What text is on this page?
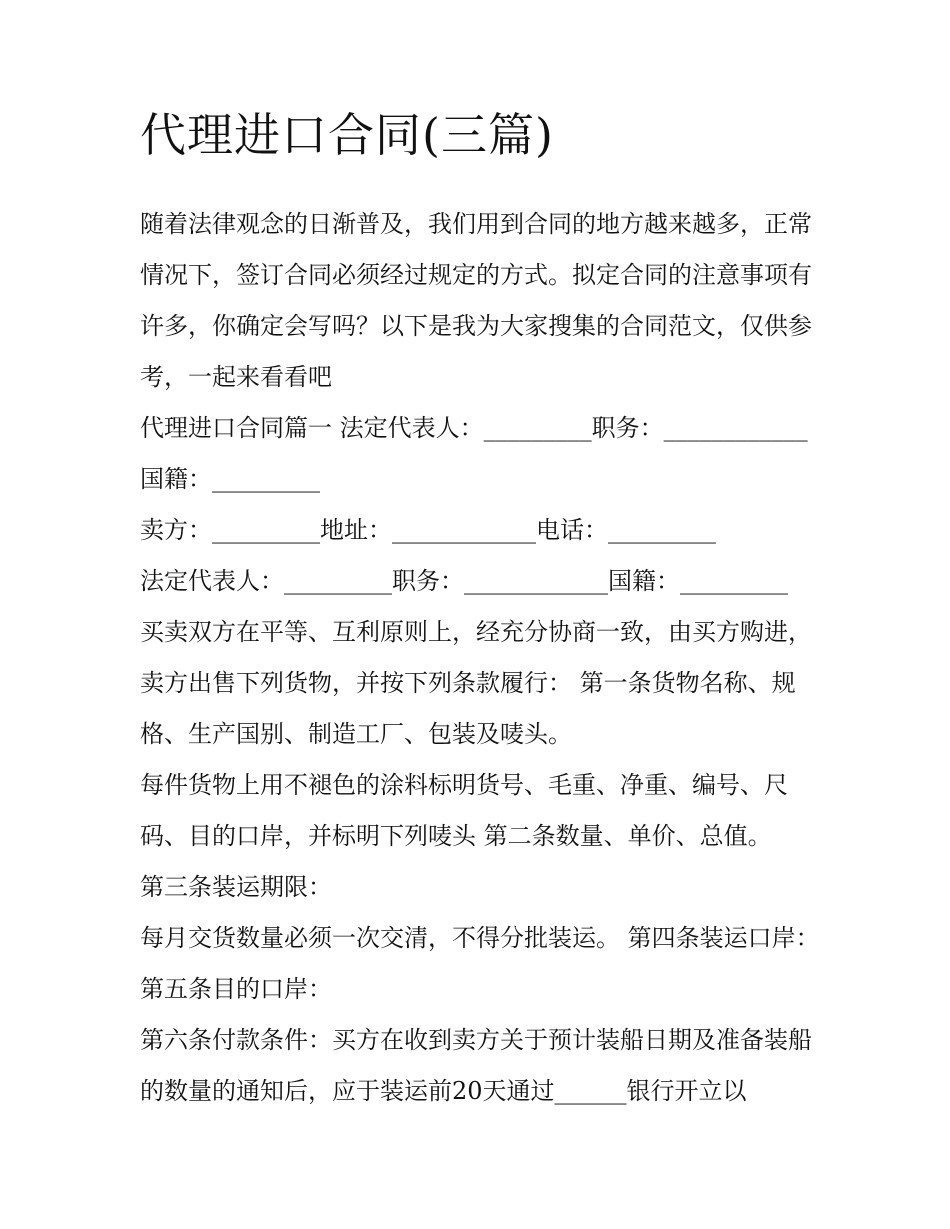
代理进口合同(三篇)

随着法律观念的日渐普及，我们用到合同的地方越来越多，正常情况下，签订合同必须经过规定的方式。拟定合同的注意事项有许多，你确定会写吗？以下是我为大家搜集的合同范文，仅供参考，一起来看看吧

代理进口合同篇一 法定代表人：_________职务：____________国籍：_________

卖方：_________地址：____________电话：_________

法定代表人：_________职务：____________国籍：_________

买卖双方在平等、互利原则上，经充分协商一致，由买方购进，卖方出售下列货物，并按下列条款履行： 第一条货物名称、规格、生产国别、制造工厂、包装及唛头。

每件货物上用不褪色的涂料标明货号、毛重、净重、编号、尺码、目的口岸，并标明下列唛头 第二条数量、单价、总值。

第三条装运期限：

每月交货数量必须一次交清，不得分批装运。 第四条装运口岸： 第五条目的口岸：

第六条付款条件：买方在收到卖方关于预计装船日期及准备装船的数量的通知后，应于装运前20天通过______银行开立以
